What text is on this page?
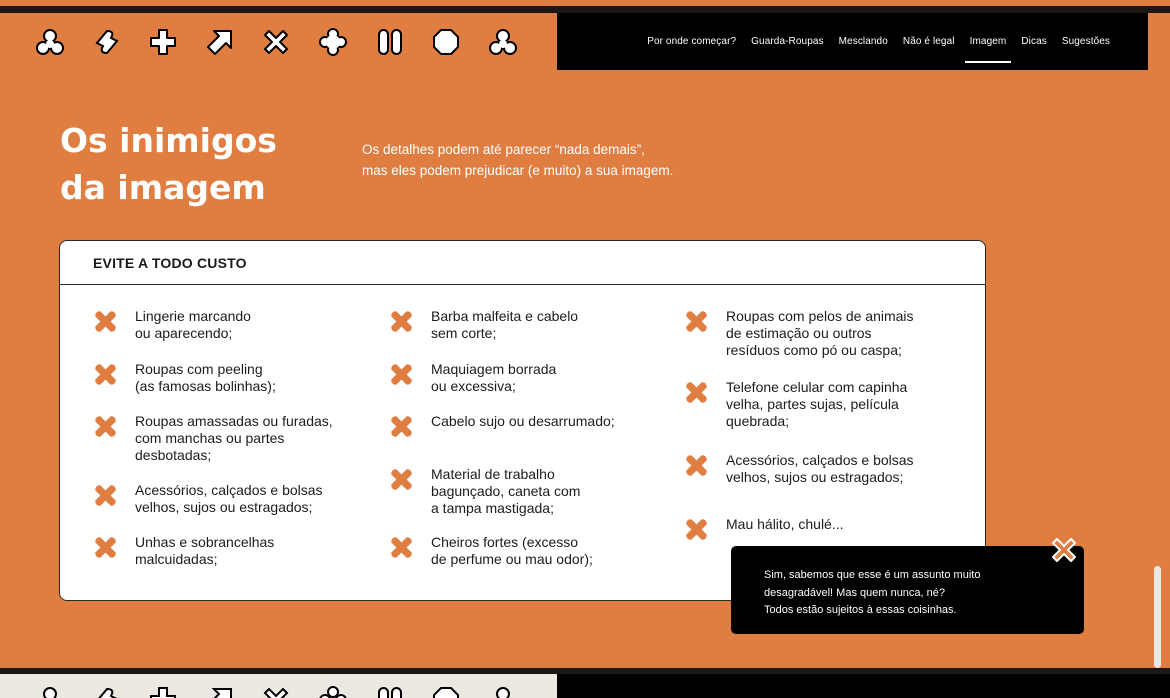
Por onde começar? Guarda-Roupas Mesclando Não é legal Imagem Dicas Sugestões
Os inimigos
da imagem

Os detalhes podem até parecer “nada demais”,
mas eles podem prejudicar (e muito) a sua imagem.

EVITE A TODO CUSTO
Lingerie marcando
ou aparecendo;
Roupas com peeling
(as famosas bolinhas);
Roupas amassadas ou furadas,
com manchas ou partes
desbotadas;
Acessórios, calçados e bolsas
velhos, sujos ou estragados;
Unhas e sobrancelhas
malcuidadas;
Barba malfeita e cabelo
sem corte;
Maquiagem borrada
ou excessiva;
Cabelo sujo ou desarrumado;
Material de trabalho
bagunçado, caneta com
a tampa mastigada;
Cheiros fortes (excesso
de perfume ou mau odor);
Roupas com pelos de animais
de estimação ou outros
resíduos como pó ou caspa;
Telefone celular com capinha
velha, partes sujas, película
quebrada;
Acessórios, calçados e bolsas
velhos, sujos ou estragados;
Mau hálito, chulé...
Sim, sabemos que esse é um assunto muito
desagradável! Mas quem nunca, né?
Todos estão sujeitos à essas coisinhas.
